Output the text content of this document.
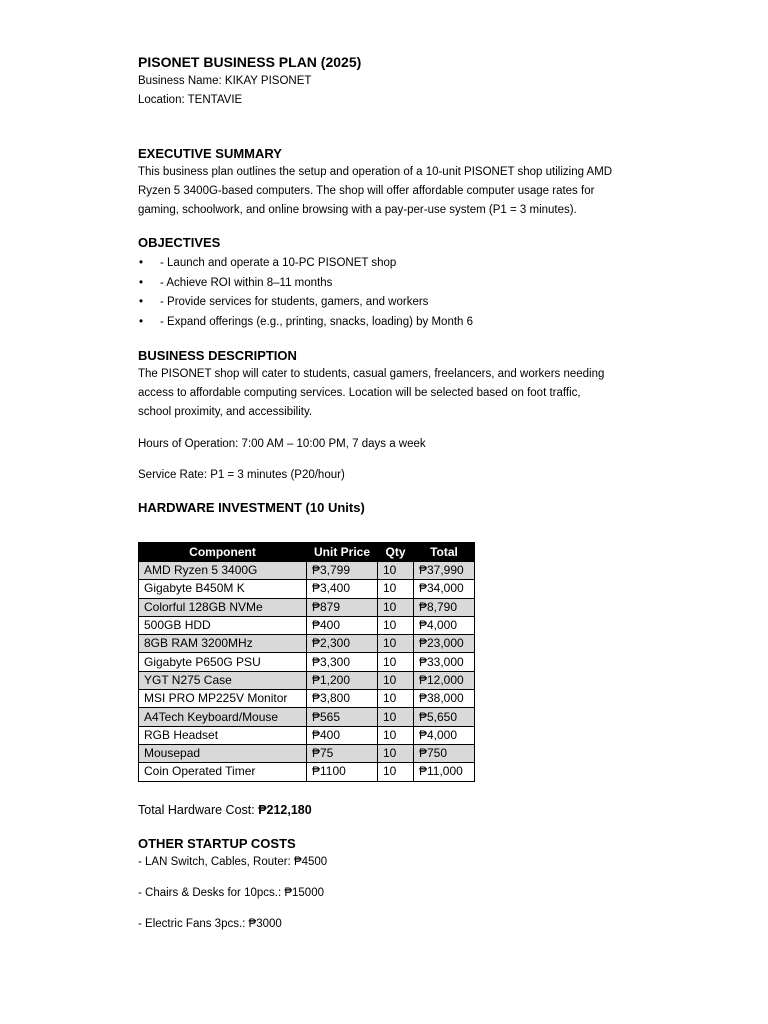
PISONET BUSINESS PLAN (2025)

Business Name: KIKAY PISONET

Location: TENTAVIE

EXECUTIVE SUMMARY

This business plan outlines the setup and operation of a 10-unit PISONET shop utilizing AMD

Ryzen 5 3400G-based computers. The shop will offer affordable computer usage rates for

gaming, schoolwork, and online browsing with a pay-per-use system (P1 = 3 minutes).

OBJECTIVES

• - Launch and operate a 10-PC PISONET shop
• - Achieve ROI within 8–11 months
• - Provide services for students, gamers, and workers
• - Expand offerings (e.g., printing, snacks, loading) by Month 6

BUSINESS DESCRIPTION

The PISONET shop will cater to students, casual gamers, freelancers, and workers needing

access to affordable computing services. Location will be selected based on foot traffic,

school proximity, and accessibility.

Hours of Operation: 7:00 AM – 10:00 PM, 7 days a week

Service Rate: P1 = 3 minutes (P20/hour)

HARDWARE INVESTMENT (10 Units)

Component	Unit Price	Qty	Total
AMD Ryzen 5 3400G	₱3,799	10	₱37,990
Gigabyte B450M K	₱3,400	10	₱34,000
Colorful 128GB NVMe	₱879	10	₱8,790
500GB HDD	₱400	10	₱4,000
8GB RAM 3200MHz	₱2,300	10	₱23,000
Gigabyte P650G PSU	₱3,300	10	₱33,000
YGT N275 Case	₱1,200	10	₱12,000
MSI PRO MP225V Monitor	₱3,800	10	₱38,000
A4Tech Keyboard/Mouse	₱565	10	₱5,650
RGB Headset	₱400	10	₱4,000
Mousepad	₱75	10	₱750
Coin Operated Timer	₱1100	10	₱11,000

Total Hardware Cost: ₱212,180

OTHER STARTUP COSTS

- LAN Switch, Cables, Router: ₱4500

- Chairs & Desks for 10pcs.: ₱15000

- Electric Fans 3pcs.: ₱3000
